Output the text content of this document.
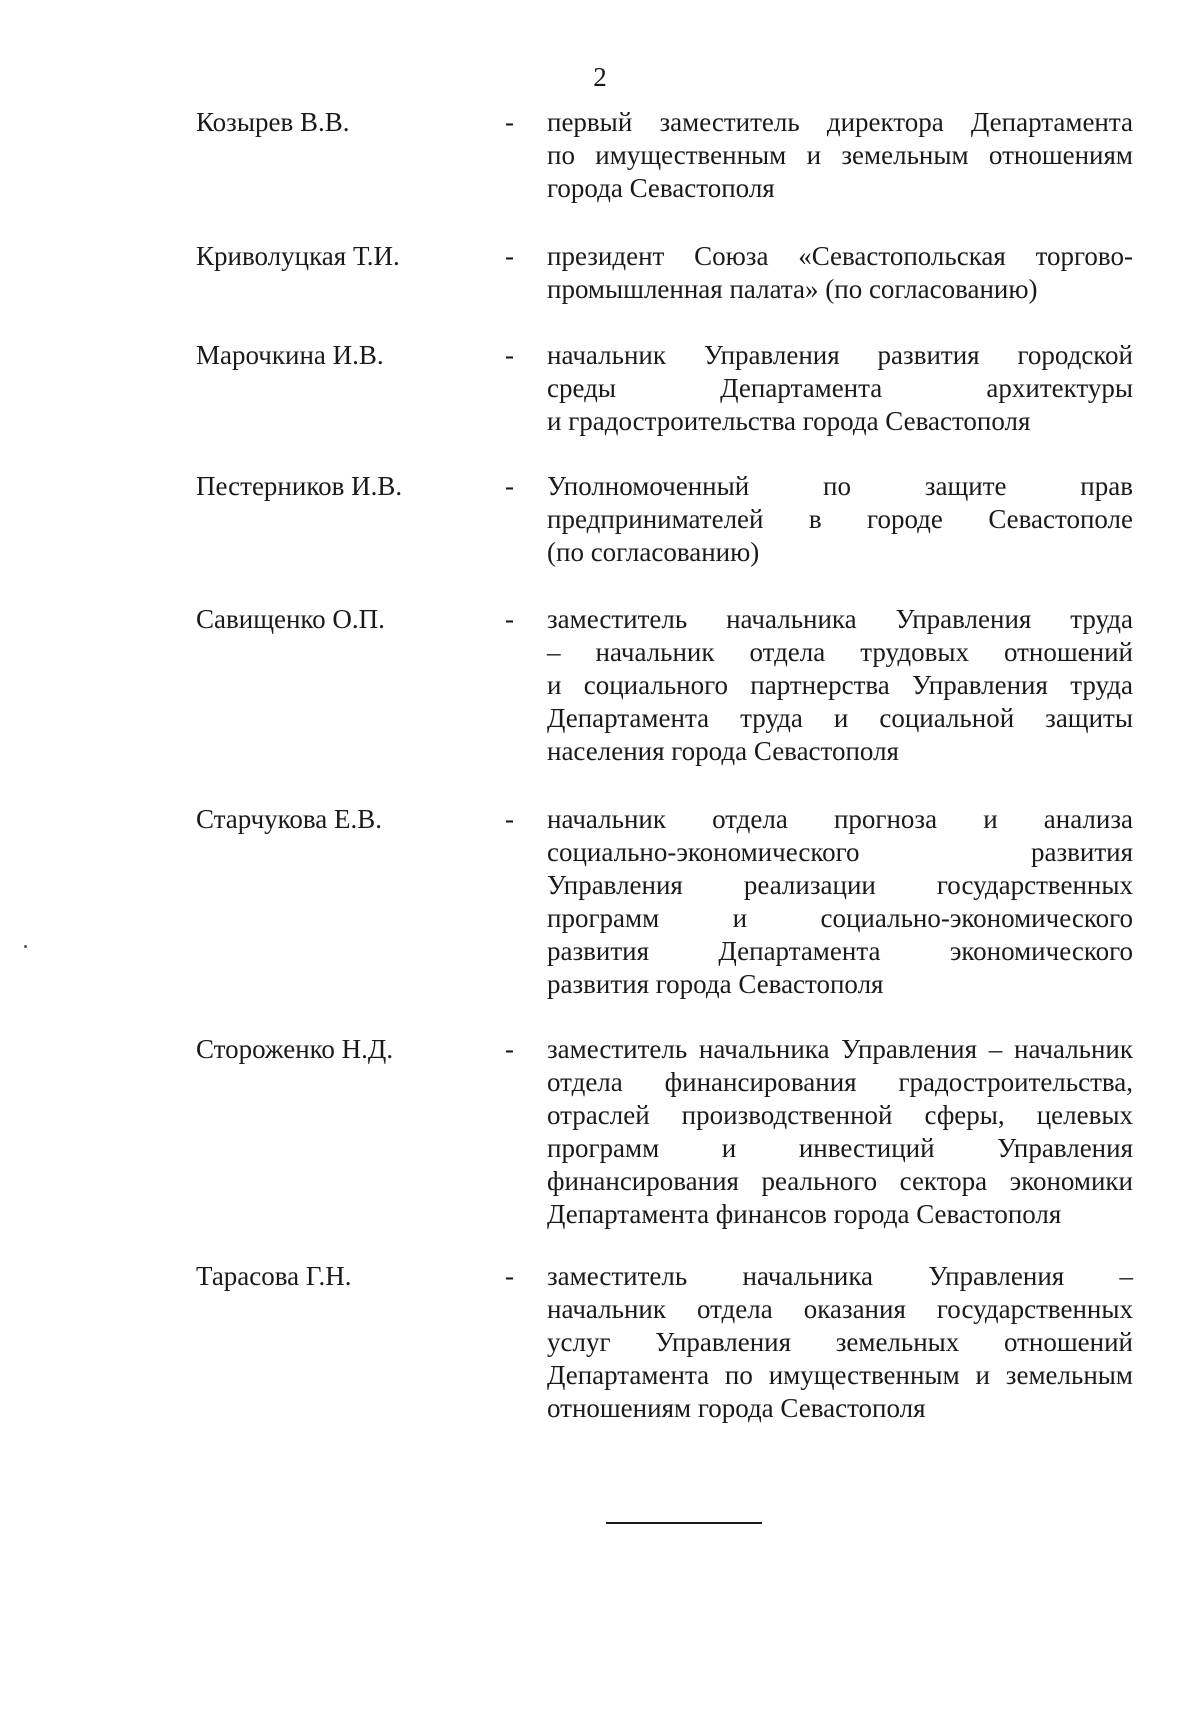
2
Козырев В.В.	- первый заместитель директора Департамента
по имущественным и земельным отношениям
города Севастополя
Криволуцкая Т.И.	- президент Союза «Севастопольская торгово-
промышленная палата» (по согласованию)
Марочкина И.В.	- начальник Управления развития городской
среды Департамента архитектуры
и градостроительства города Севастополя
Пестерников И.В.	- Уполномоченный по защите прав
предпринимателей в городе Севастополе
(по согласованию)
Савищенко О.П.	- заместитель начальника Управления труда
– начальник отдела трудовых отношений
и социального партнерства Управления труда
Департамента труда и социальной защиты
населения города Севастополя
Старчукова Е.В.	- начальник отдела прогноза и анализа
социально-экономического развития
Управления реализации государственных
программ и социально-экономического
развития Департамента экономического
развития города Севастополя
Стороженко Н.Д.	- заместитель начальника Управления – начальник
отдела финансирования градостроительства,
отраслей производственной сферы, целевых
программ и инвестиций Управления
финансирования реального сектора экономики
Департамента финансов города Севастополя
Тарасова Г.Н.	- заместитель начальника Управления –
начальник отдела оказания государственных
услуг Управления земельных отношений
Департамента по имущественным и земельным
отношениям города Севастополя
